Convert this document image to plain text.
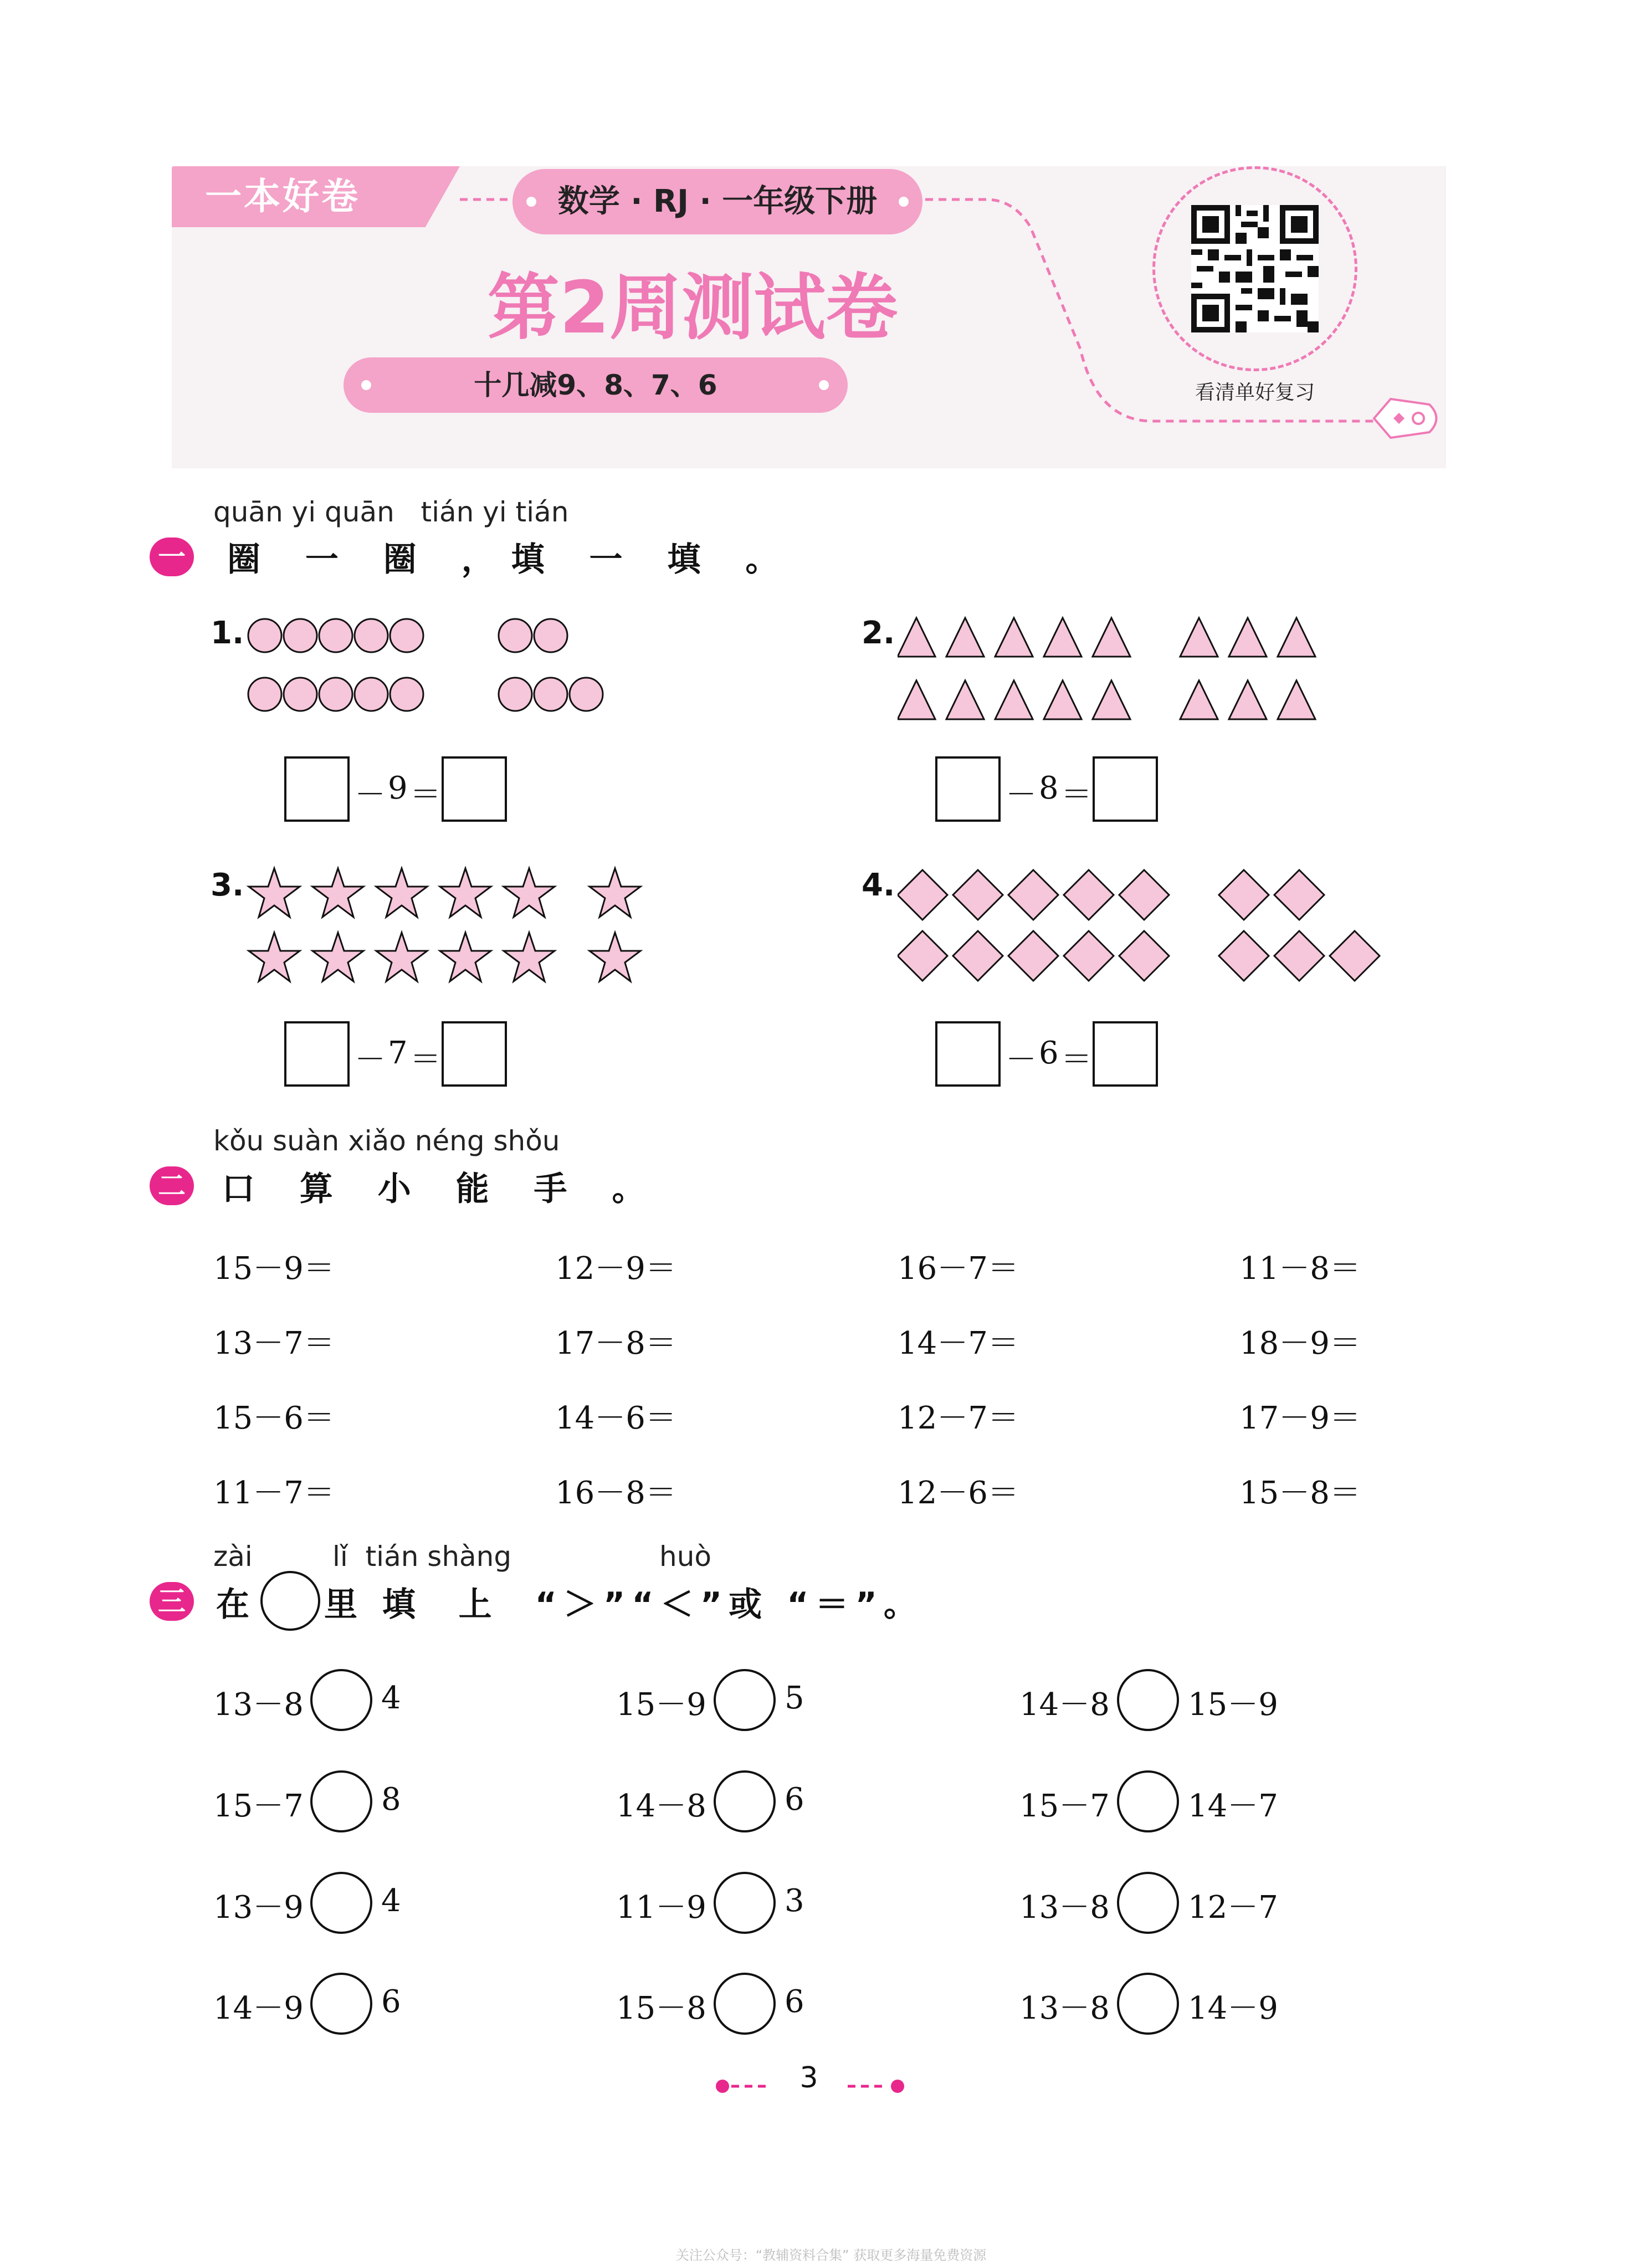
一本好卷	数学 · RJ · 一年级下册
第2周测试卷
十几减9、8、7、6	看清单好复习
quān yi quān   tián yi tián
一 圈 一 圈 ，填 一 填 。
1.
－ 9 ＝
2.
－ 8 ＝
3.
－ 7 ＝
4.
－ 6 ＝
kǒu suàn xiǎo néng shǒu
二 口 算 小 能 手 。
15－9＝	12－9＝	16－7＝	11－8＝
13－7＝	17－8＝	14－7＝	18－9＝
15－6＝	14－6＝	12－7＝	17－9＝
11－7＝	16－8＝	12－6＝	15－8＝
zài	lǐ  tián shàng	huò
三 在 里 填  上  “＞”“＜”或 “＝”。
13－8	4	15－9	5	14－8	15－9
15－7	8	14－8	6	15－7	14－7
13－9	4	11－9	3	13－8	12－7
14－9	6	15－8	6	13－8	14－9
3
关注公众号：“教辅资料合集” 获取更多海量免费资源
